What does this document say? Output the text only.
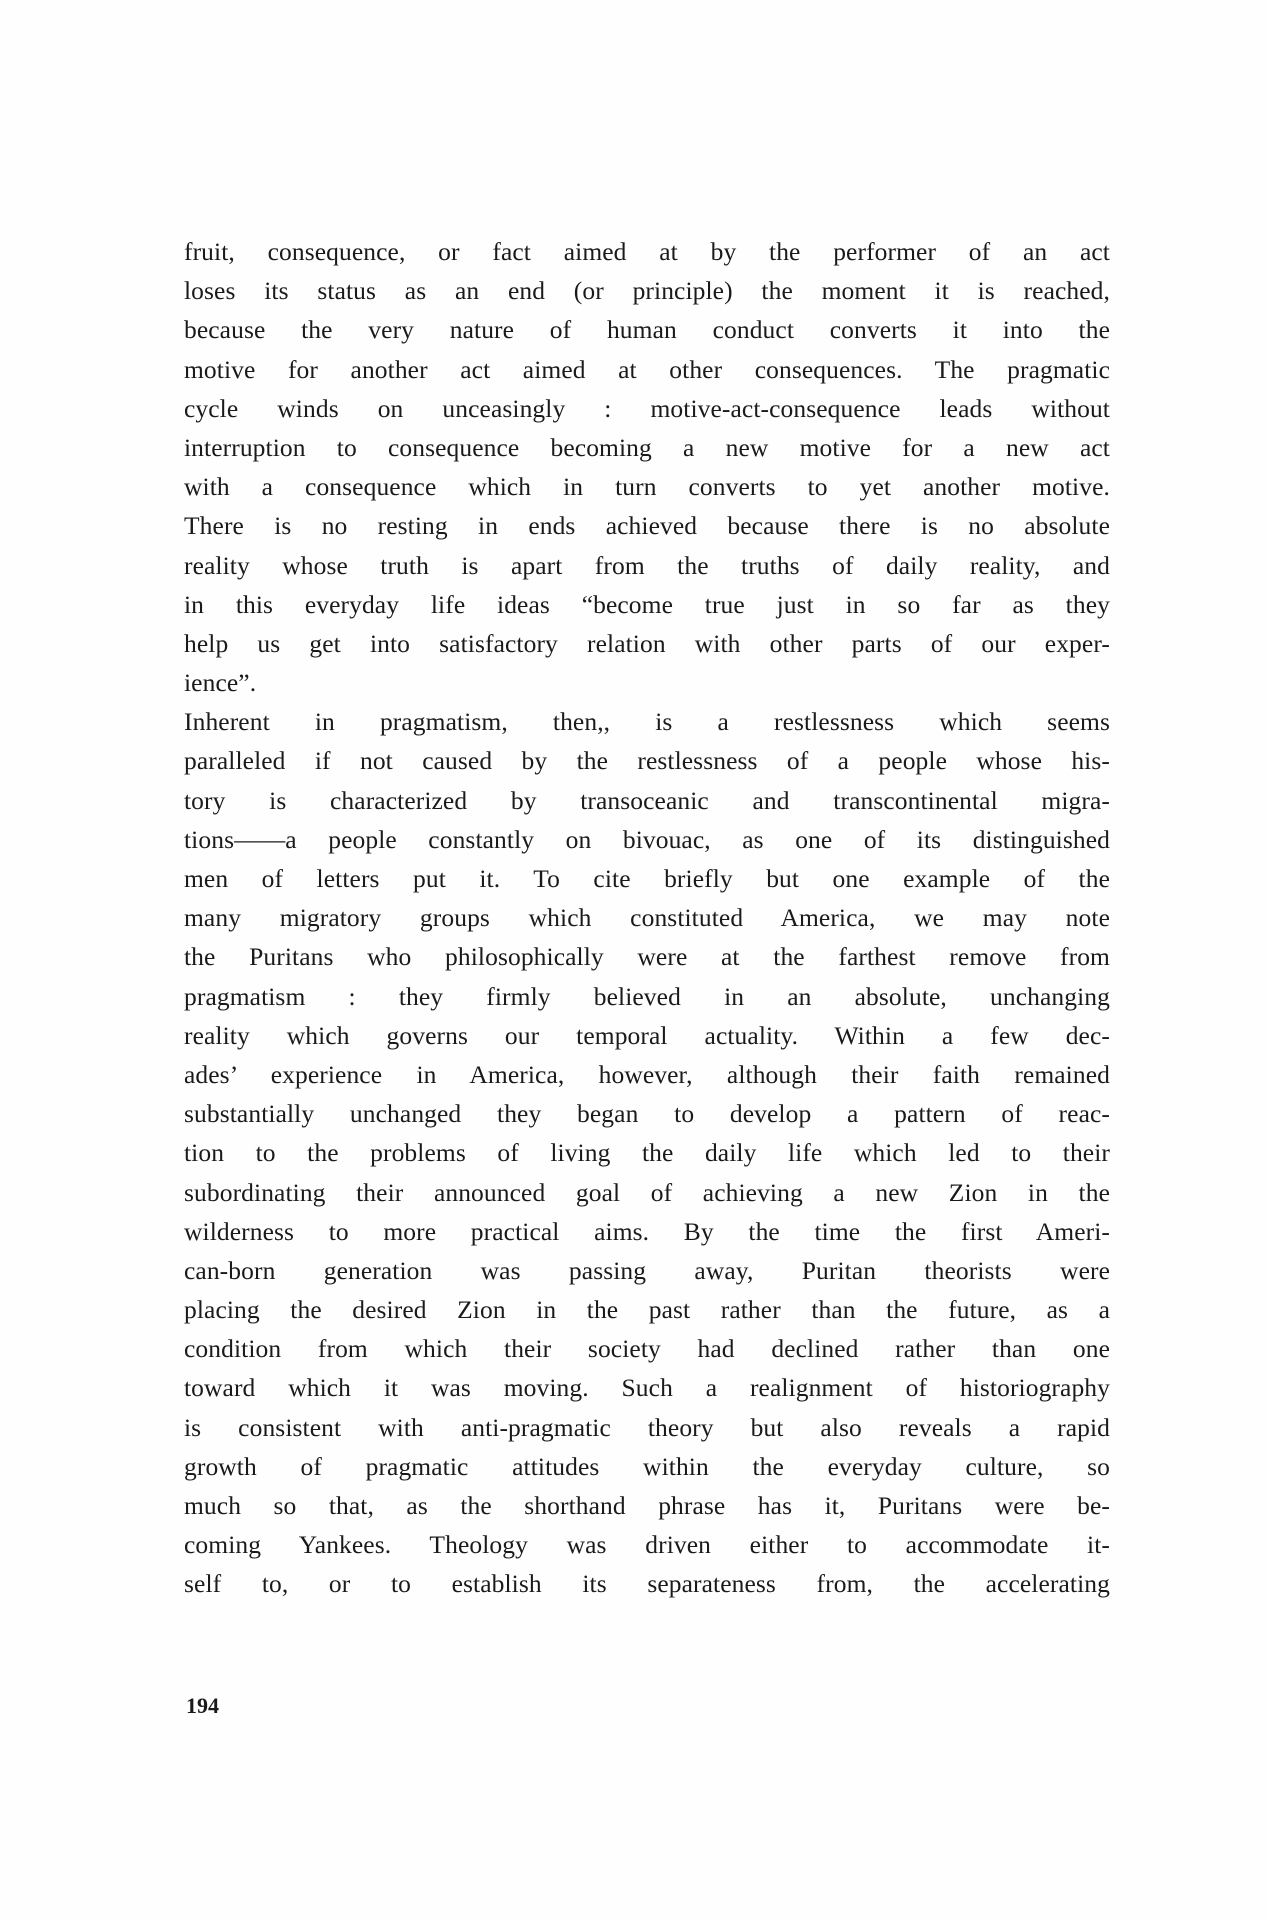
fruit, consequence, or fact aimed at by the performer of an act
loses its status as an end (or principle) the moment it is reached,
because the very nature of human conduct converts it into the
motive for another act aimed at other consequences. The pragmatic
cycle winds on unceasingly : motive-act-consequence leads without
interruption to consequence becoming a new motive for a new act
with a consequence which in turn converts to yet another motive.
There is no resting in ends achieved because there is no absolute
reality whose truth is apart from the truths of daily reality, and
in this everyday life ideas “become true just in so far as they
help us get into satisfactory relation with other parts of our exper-
ience”.
Inherent in pragmatism, then,, is a restlessness which seems
paralleled if not caused by the restlessness of a people whose his-
tory is characterized by transoceanic and transcontinental migra-
tions——a people constantly on bivouac, as one of its distinguished
men of letters put it. To cite briefly but one example of the
many migratory groups which constituted America, we may note
the Puritans who philosophically were at the farthest remove from
pragmatism : they firmly believed in an absolute, unchanging
reality which governs our temporal actuality. Within a few dec-
ades’ experience in America, however, although their faith remained
substantially unchanged they began to develop a pattern of reac-
tion to the problems of living the daily life which led to their
subordinating their announced goal of achieving a new Zion in the
wilderness to more practical aims. By the time the first Ameri-
can-born generation was passing away, Puritan theorists were
placing the desired Zion in the past rather than the future, as a
condition from which their society had declined rather than one
toward which it was moving. Such a realignment of historiography
is consistent with anti-pragmatic theory but also reveals a rapid
growth of pragmatic attitudes within the everyday culture, so
much so that, as the shorthand phrase has it, Puritans were be-
coming Yankees. Theology was driven either to accommodate it-
self to, or to establish its separateness from, the accelerating
194
